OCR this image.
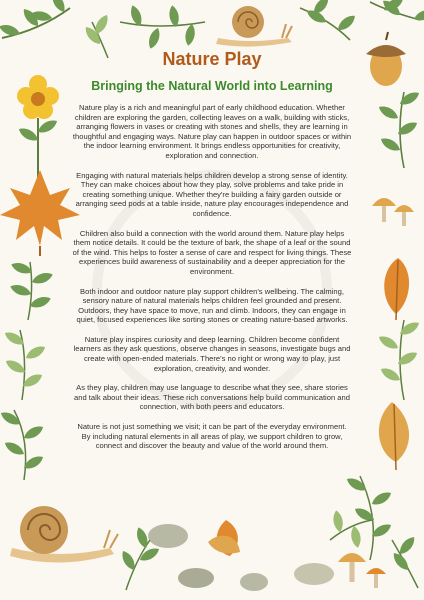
Nature Play
Bringing the Natural World into Learning

Nature play is a rich and meaningful part of early childhood education. Whether children are exploring the garden, collecting leaves on a walk, building with sticks, arranging flowers in vases or creating with stones and shells, they are learning in thoughtful and engaging ways. Nature play can happen in outdoor spaces or within the indoor learning environment. It brings endless opportunities for creativity, exploration and connection.

Engaging with natural materials helps children develop a strong sense of identity. They can make choices about how they play, solve problems and take pride in creating something unique. Whether they're building a fairy garden outside or arranging seed pods at a table inside, nature play encourages independence and confidence.

Children also build a connection with the world around them. Nature play helps them notice details. It could be the texture of bark, the shape of a leaf or the sound of the wind. This helps to foster a sense of care and respect for living things. These experiences build awareness of sustainability and a deeper appreciation for the environment.

Both indoor and outdoor nature play support children's wellbeing. The calming, sensory nature of natural materials helps children feel grounded and present. Outdoors, they have space to move, run and climb. Indoors, they can engage in quiet, focused experiences like sorting stones or creating nature-based artworks.

Nature play inspires curiosity and deep learning. Children become confident learners as they ask questions, observe changes in seasons, investigate bugs and create with open-ended materials. There's no right or wrong way to play, just exploration, creativity, and wonder.

As they play, children may use language to describe what they see, share stories and talk about their ideas. These rich conversations help build communication and connection, with both peers and educators.

Nature is not just something we visit; it can be part of the everyday environment. By including natural elements in all areas of play, we support children to grow, connect and discover the beauty and value of the world around them.
